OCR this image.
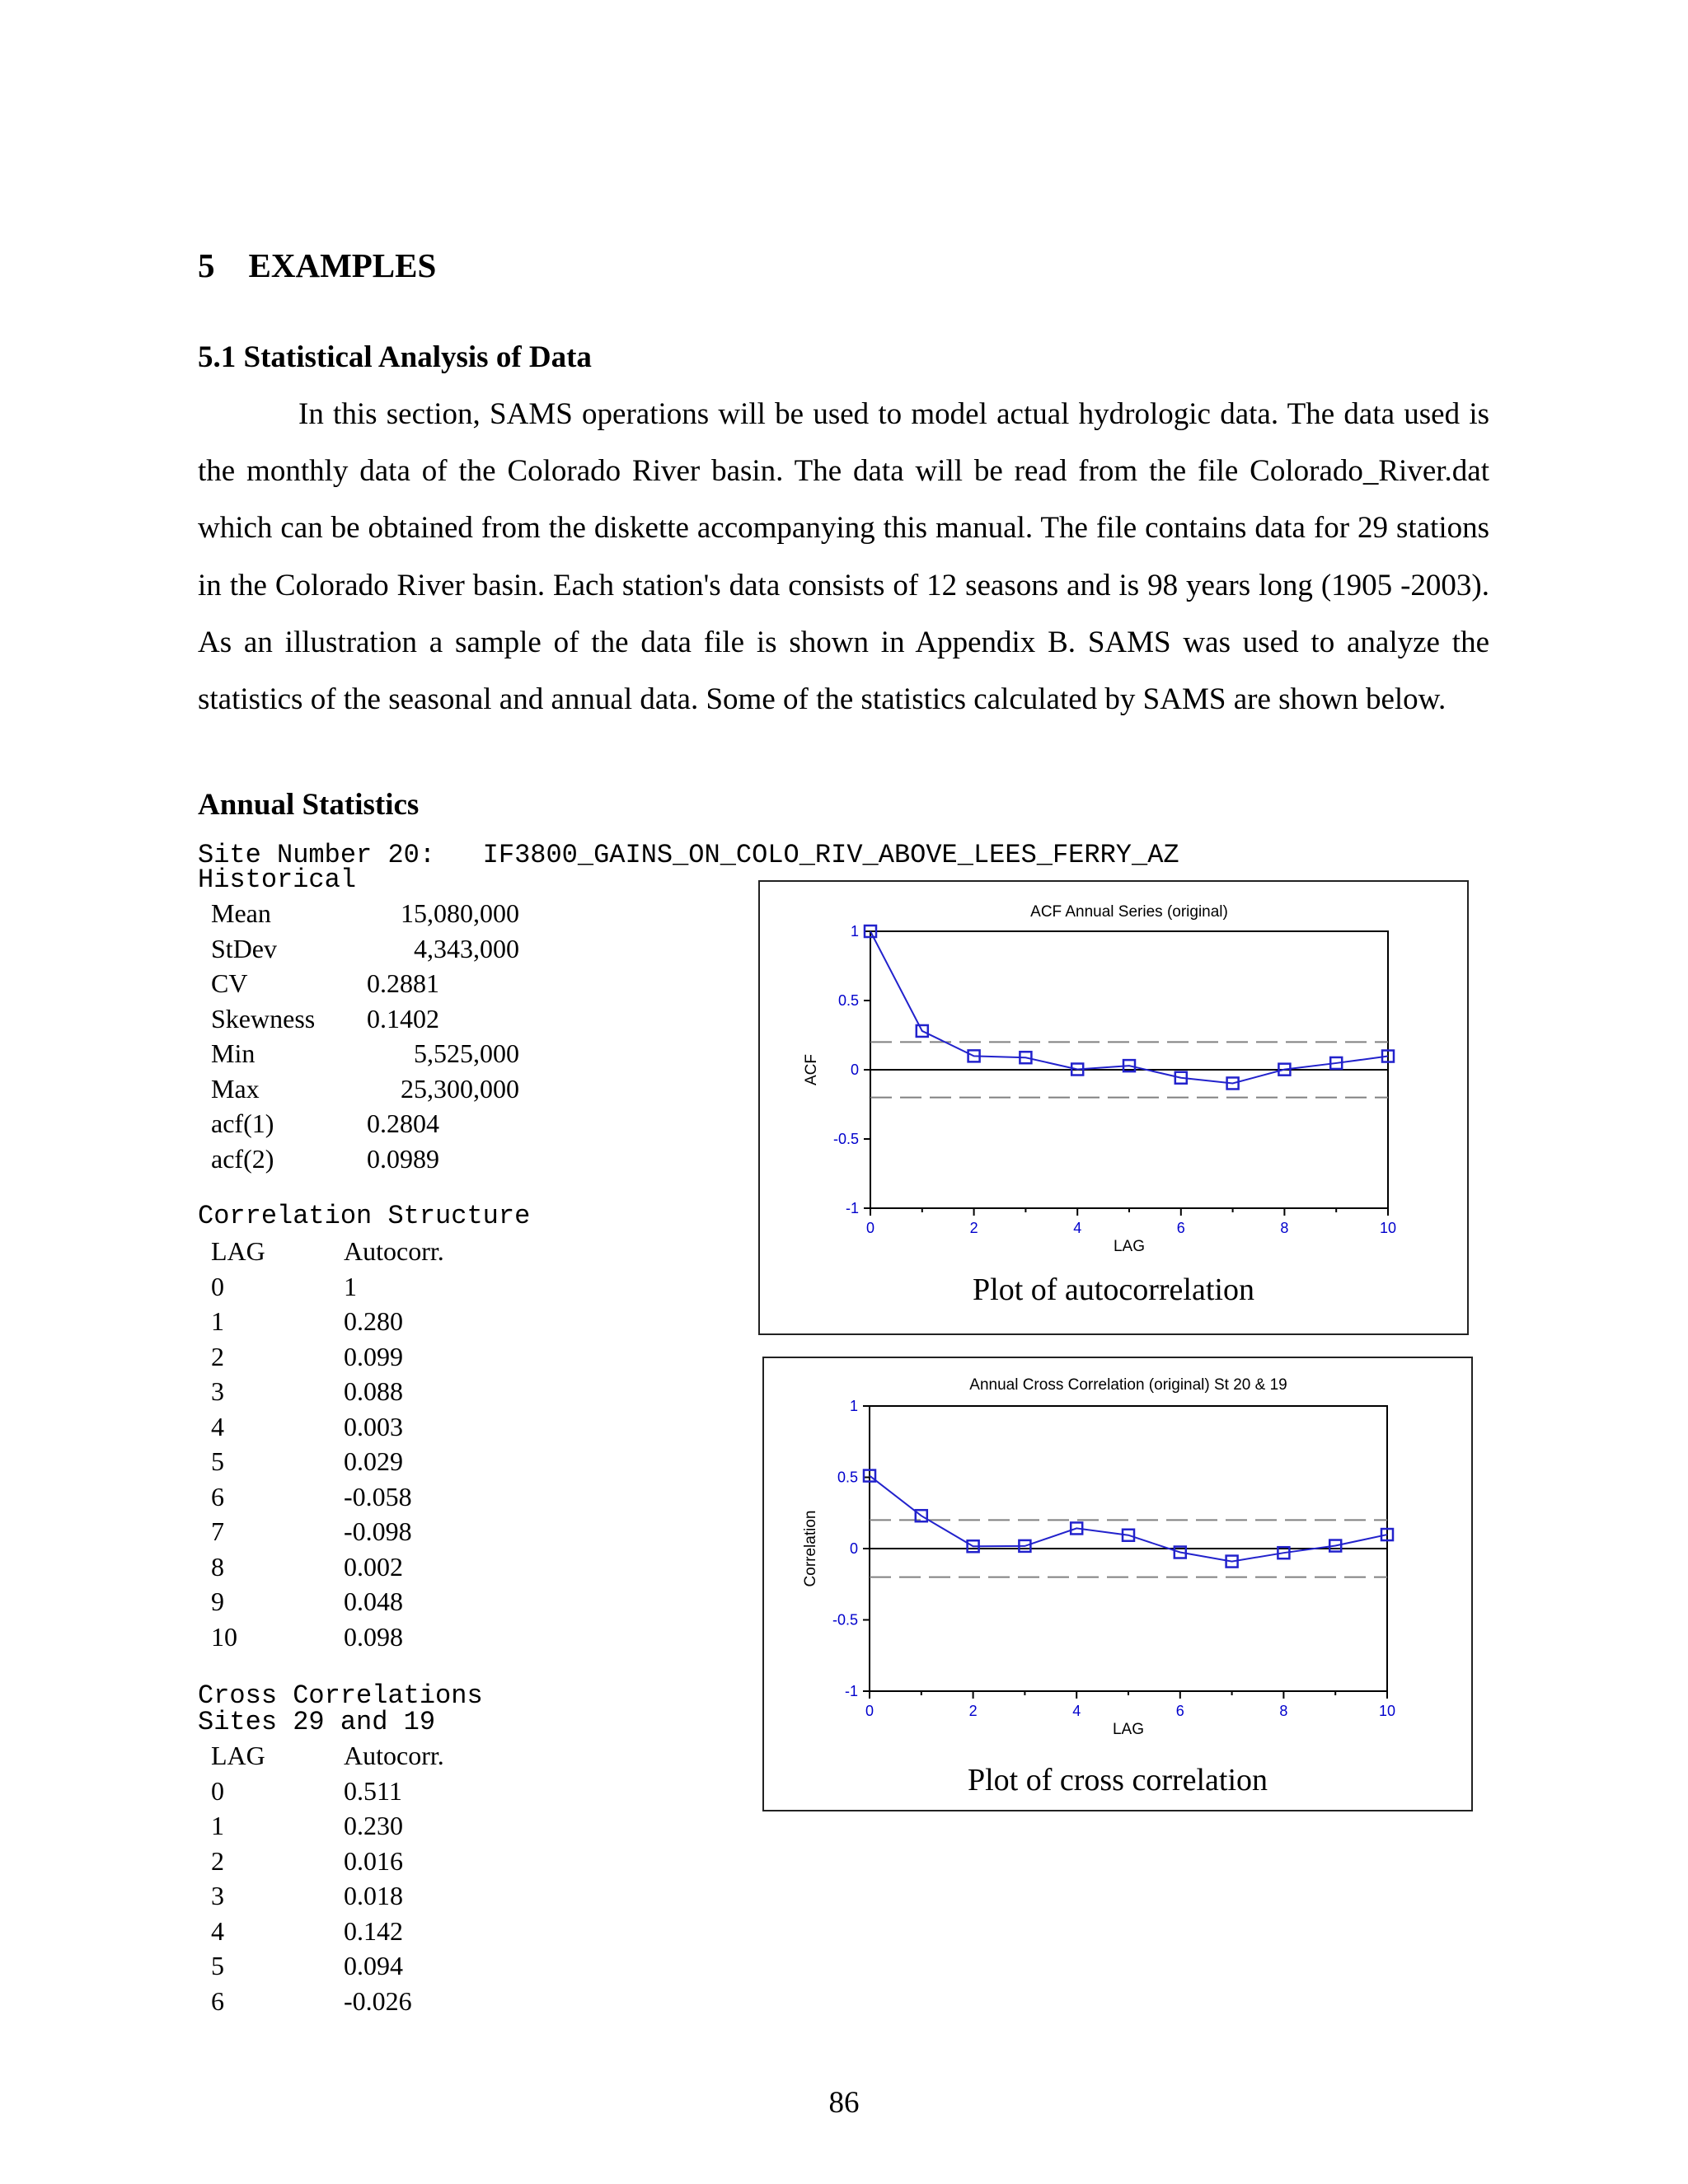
5 EXAMPLES
5.1 Statistical Analysis of Data

In this section, SAMS operations will be used to model actual hydrologic data. The data used is the monthly data of the Colorado River basin. The data will be read from the file Colorado_River.dat which can be obtained from the diskette accompanying this manual. The file contains data for 29 stations in the Colorado River basin. Each station's data consists of 12 seasons and is 98 years long (1905 -2003). As an illustration a sample of the data file is shown in Appendix B. SAMS was used to analyze the statistics of the seasonal and annual data. Some of the statistics calculated by SAMS are shown below.

Annual Statistics
Site Number 20:   IF3800_GAINS_ON_COLO_RIV_ABOVE_LEES_FERRY_AZ
Historical
Mean	15,080,000
StDev	4,343,000
CV	0.2881
Skewness 0.1402
Min	5,525,000
Max	25,300,000
acf(1)	0.2804
acf(2)	0.0989
Correlation Structure
LAG	Autocorr.
0	1
1	0.280
2	0.099
3	0.088
4	0.003
5	0.029
6	-0.058
7	-0.098
8	0.002
9	0.048
10	0.098
Cross Correlations
Sites 29 and 19
LAG	Autocorr.
0	0.511
1	0.230
2	0.016
3	0.018
4	0.142
5	0.094
6	-0.026
ACF Annual Series (original)
1
0.5
0
-0.5
-1
0	2	4	6	8	10
LAG
ACF
Plot of autocorrelation
Annual Cross Correlation (original) St 20 & 19
1
0.5
0
-0.5
-1
0	2	4	6	8	10
LAG
Correlation
Plot of cross correlation
86
